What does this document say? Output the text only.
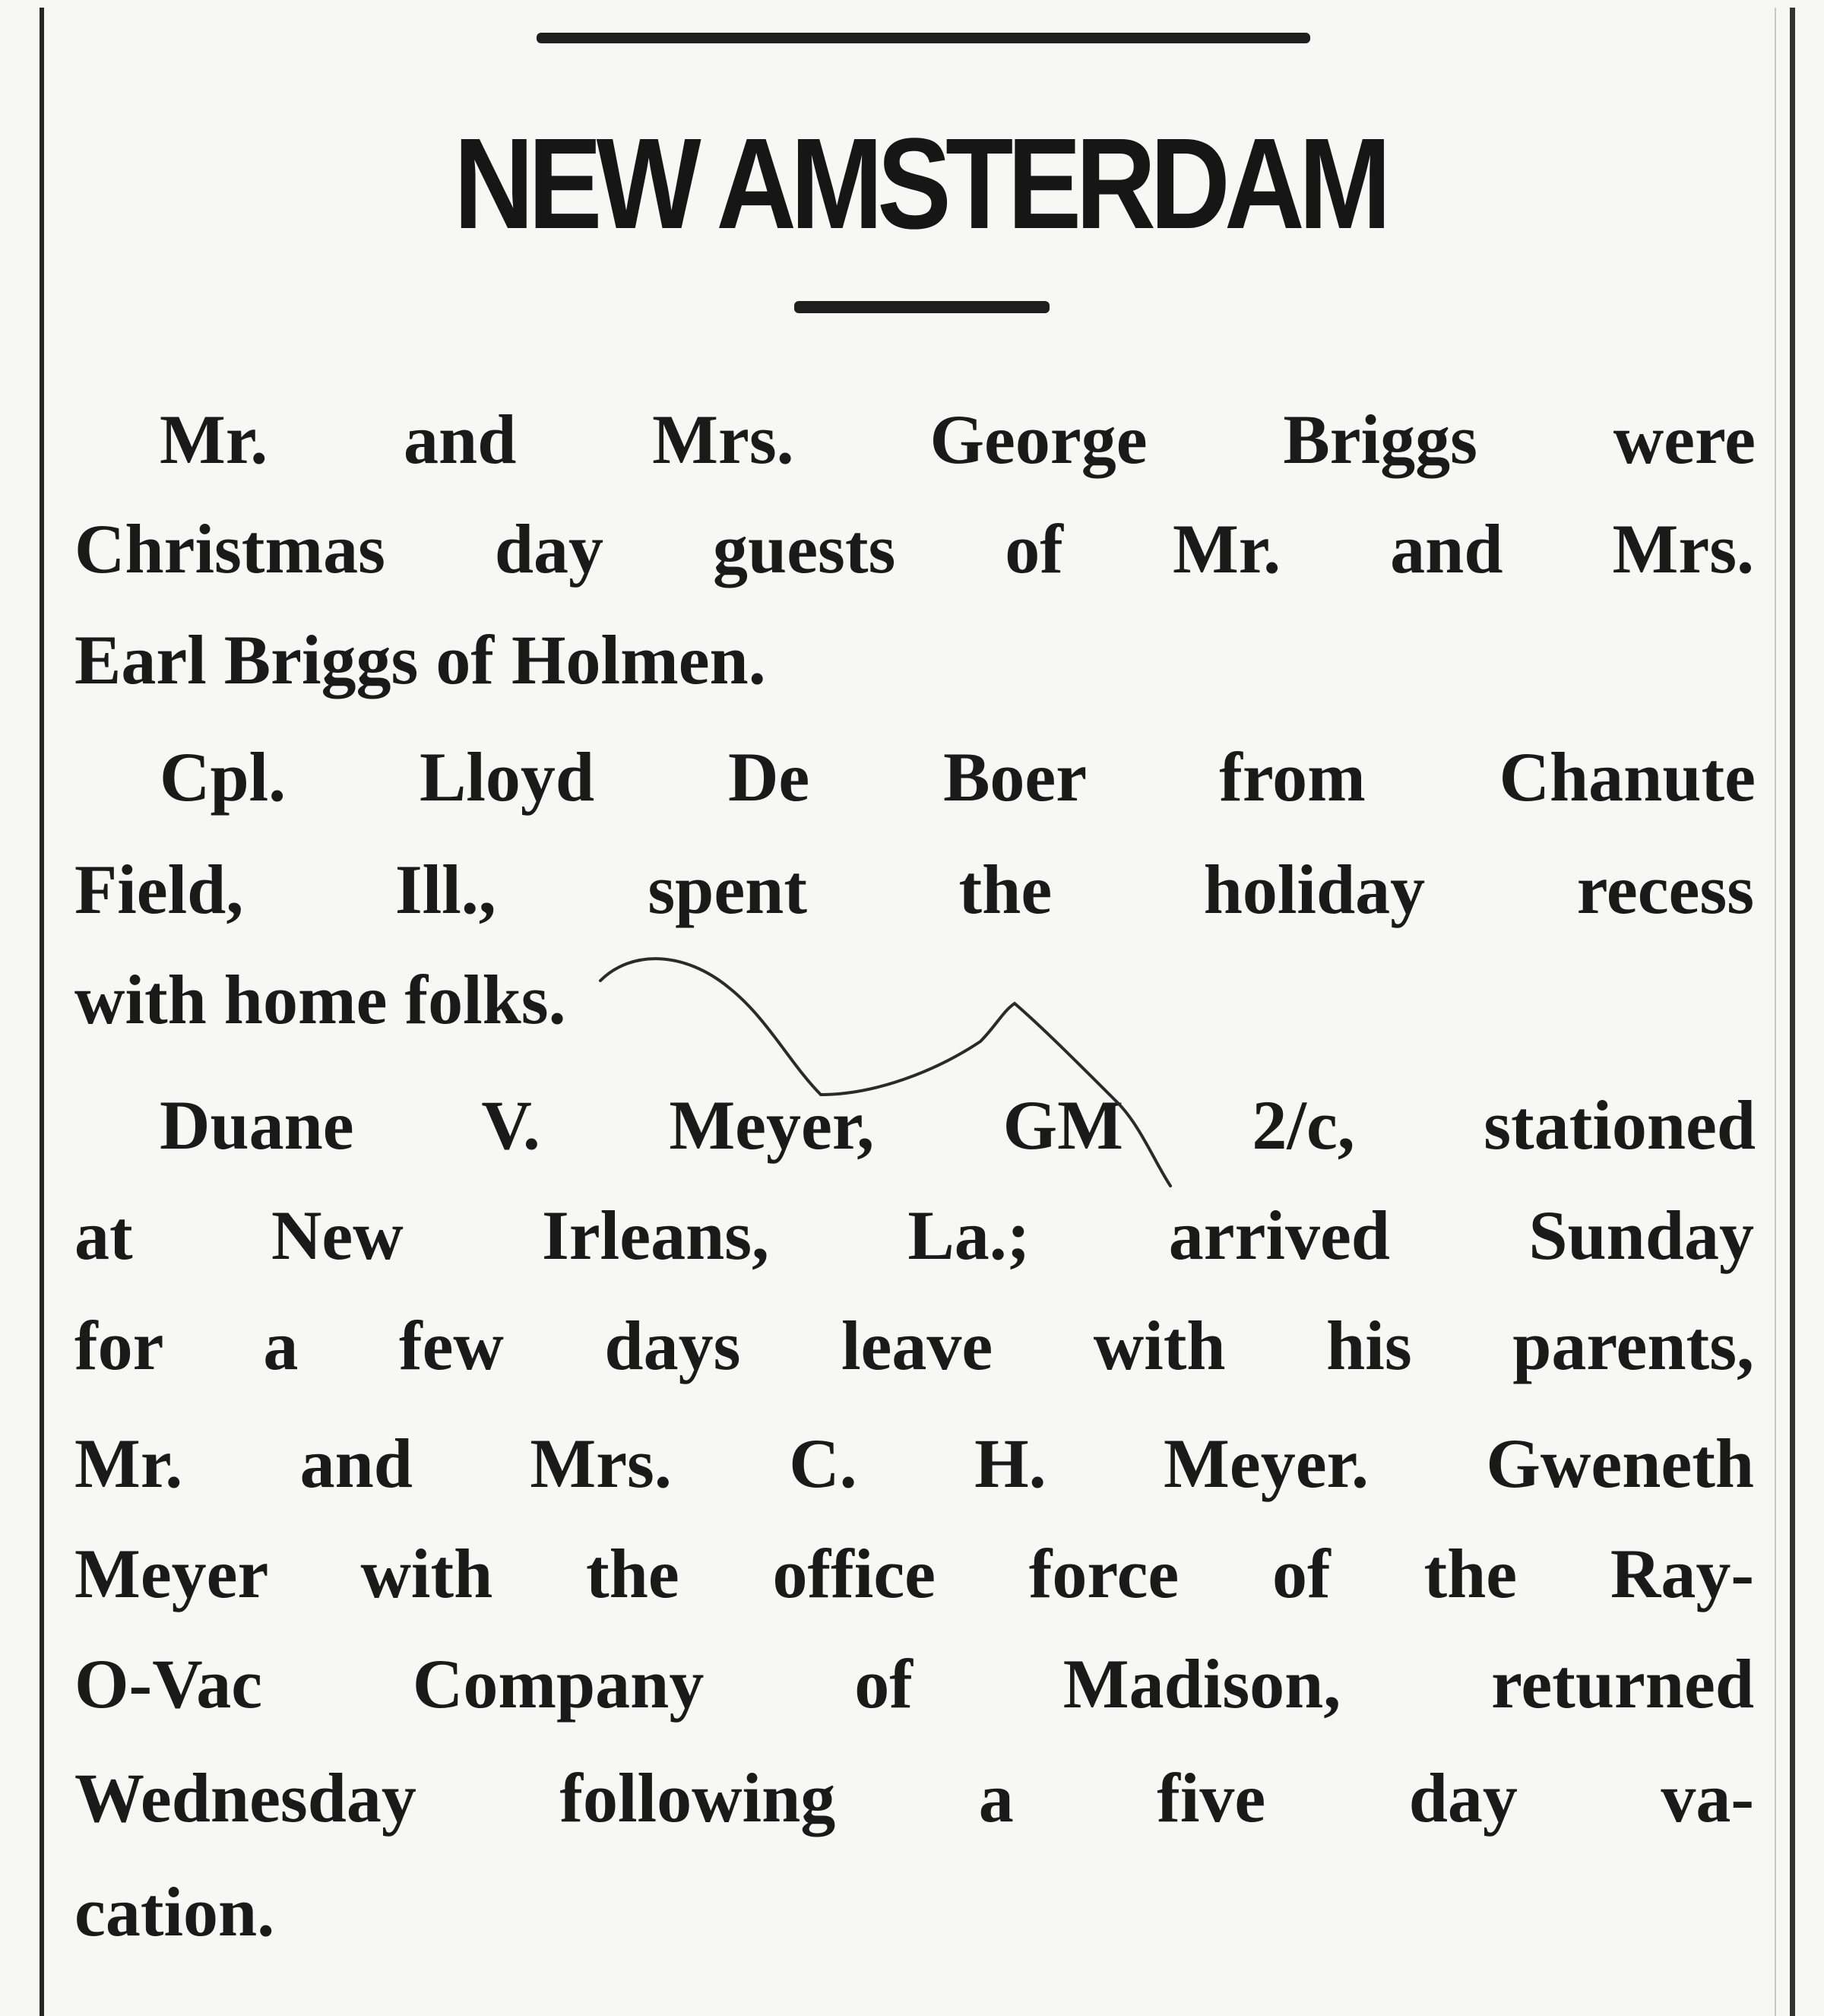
NEW AMSTERDAM

Mr. and Mrs. George Briggs were

Christmas day guests of Mr. and Mrs.

Earl Briggs of Holmen.

Cpl. Lloyd De Boer from Chanute

Field, Ill., spent the holiday recess

with home folks.

Duane V. Meyer, GM 2/c, stationed

at New Irleans, La.; arrived Sunday

for a few days leave with his parents,

Mr. and Mrs. C. H. Meyer. Gweneth

Meyer with the office force of the Ray-

O-Vac Company of Madison, returned

Wednesday following a five day va-

cation.
